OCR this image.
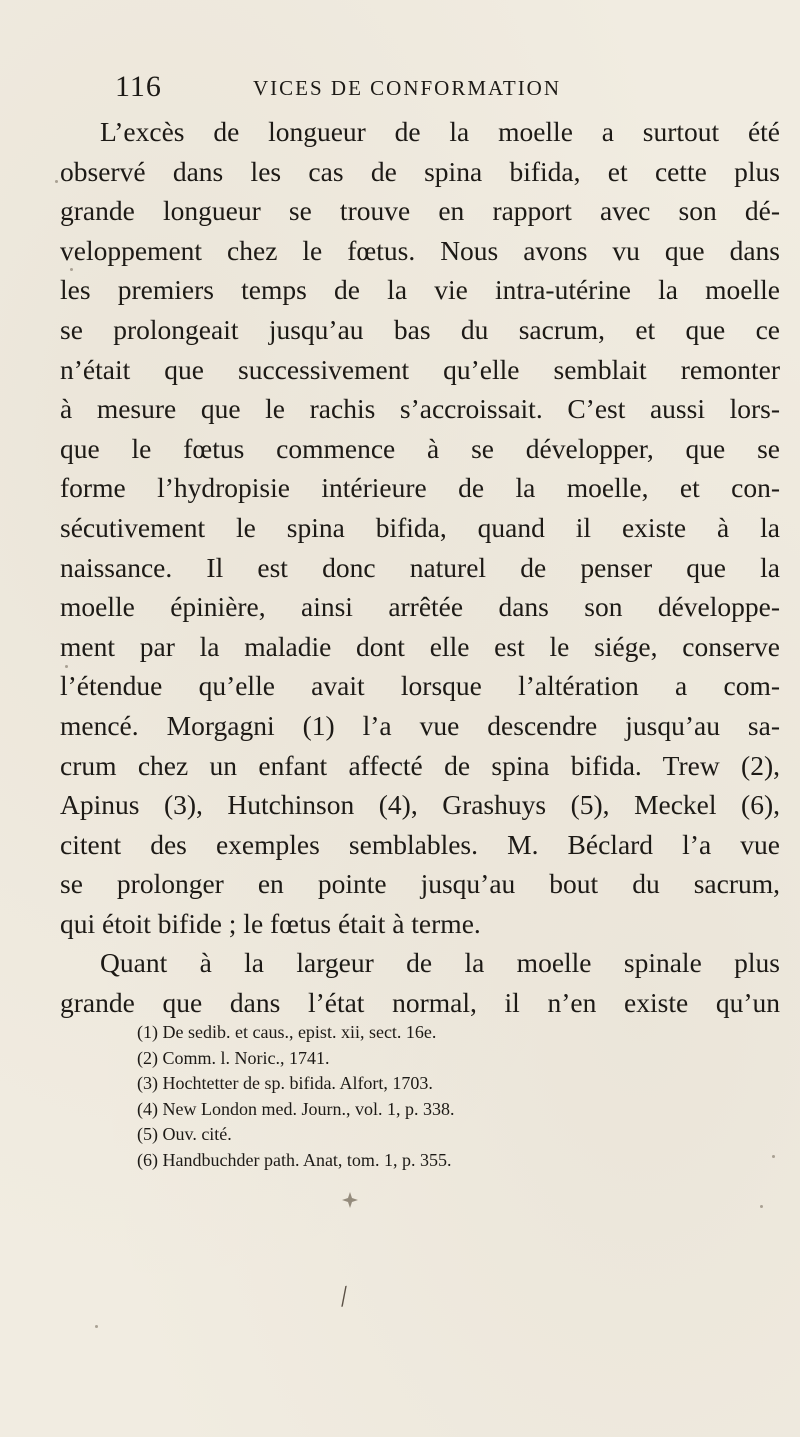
116	VICES DE CONFORMATION
L’excès de longueur de la moelle a surtout été
observé dans les cas de spina bifida, et cette plus
grande longueur se trouve en rapport avec son dé-
veloppement chez le fœtus. Nous avons vu que dans
les premiers temps de la vie intra-utérine la moelle
se prolongeait jusqu’au bas du sacrum, et que ce
n’était que successivement qu’elle semblait remonter
à mesure que le rachis s’accroissait. C’est aussi lors-
que le fœtus commence à se développer, que se
forme l’hydropisie intérieure de la moelle, et con-
sécutivement le spina bifida, quand il existe à la
naissance. Il est donc naturel de penser que la
moelle épinière, ainsi arrêtée dans son développe-
ment par la maladie dont elle est le siége, conserve
l’étendue qu’elle avait lorsque l’altération a com-
mencé. Morgagni (1) l’a vue descendre jusqu’au sa-
crum chez un enfant affecté de spina bifida. Trew (2),
Apinus (3), Hutchinson (4), Grashuys (5), Meckel (6),
citent des exemples semblables. M. Béclard l’a vue
se prolonger en pointe jusqu’au bout du sacrum,
qui étoit bifide ; le fœtus était à terme.
Quant à la largeur de la moelle spinale plus
grande que dans l’état normal, il n’en existe qu’un
(1) De sedib. et caus., epist. xii, sect. 16e.
(2) Comm. l. Noric., 1741.
(3) Hochtetter de sp. bifida. Alfort, 1703.
(4) New London med. Journ., vol. 1, p. 338.
(5) Ouv. cité.
(6) Handbuchder path. Anat, tom. 1, p. 355.
/
